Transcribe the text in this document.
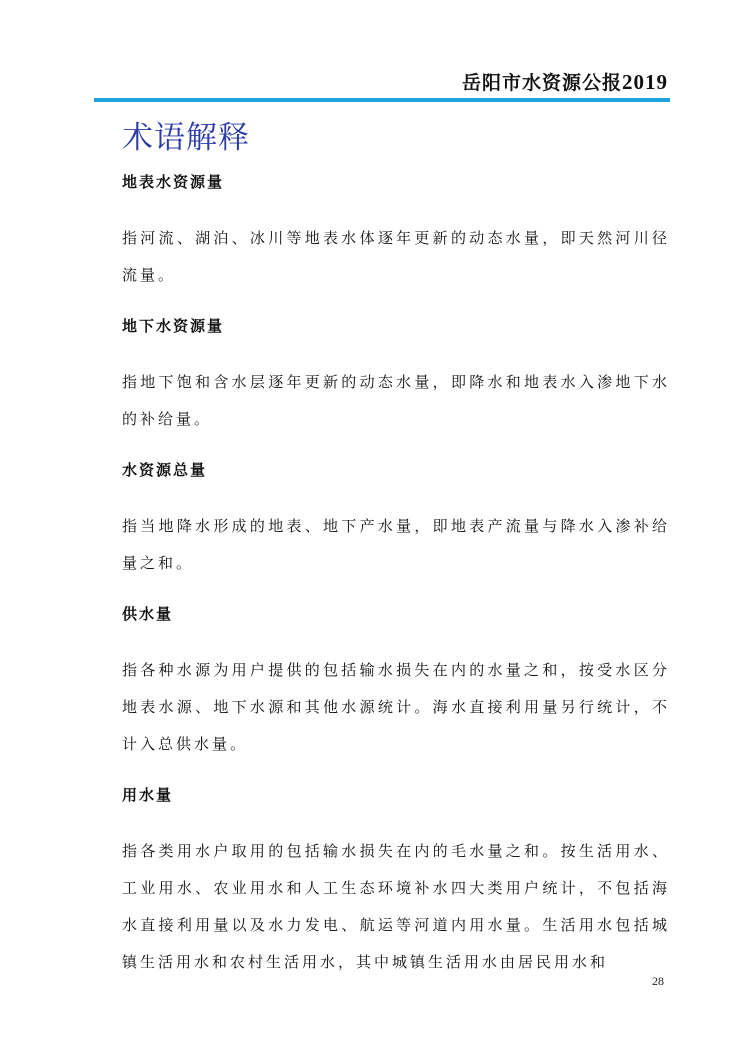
岳阳市水资源公报2019
术语解释

地表水资源量

指河流、湖泊、冰川等地表水体逐年更新的动态水量，即天然河川径流量。

地下水资源量

指地下饱和含水层逐年更新的动态水量，即降水和地表水入渗地下水的补给量。

水资源总量

指当地降水形成的地表、地下产水量，即地表产流量与降水入渗补给量之和。

供水量

指各种水源为用户提供的包括输水损失在内的水量之和，按受水区分地表水源、地下水源和其他水源统计。海水直接利用量另行统计，不计入总供水量。

用水量

指各类用水户取用的包括输水损失在内的毛水量之和。按生活用水、工业用水、农业用水和人工生态环境补水四大类用户统计，不包括海水直接利用量以及水力发电、航运等河道内用水量。生活用水包括城镇生活用水和农村生活用水，其中城镇生活用水由居民用水和

28
